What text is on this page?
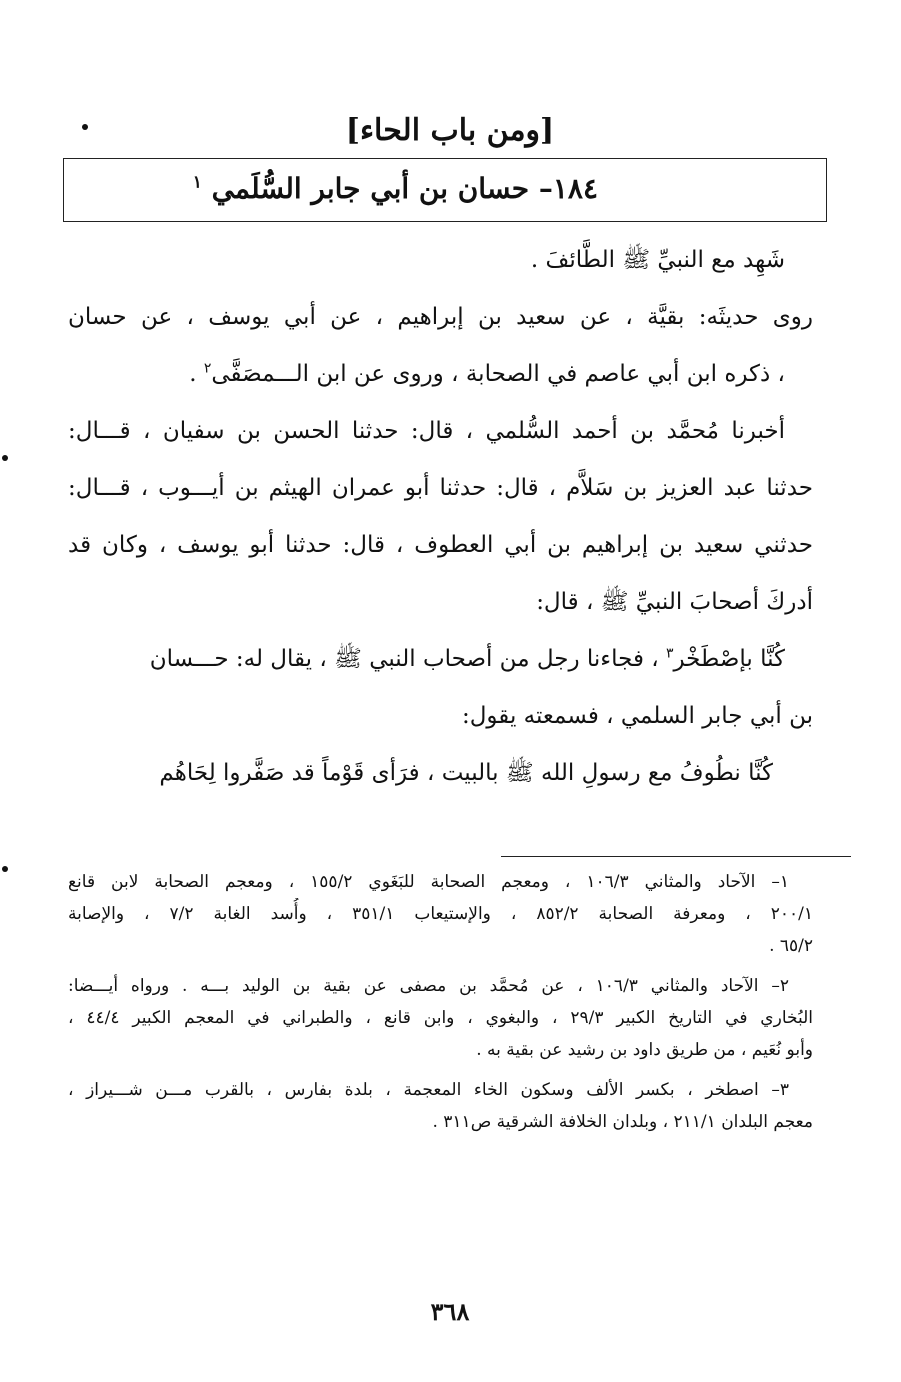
[ومن باب الحاء]
١٨٤– حسان بن أبي جابر السُّلَمي $^١$
شَهِد مع النبيِّ ﷺ الطَّائفَ .
روى حديثَه: بقيَّة ، عن سعيد بن إبراهيم ، عن أبي يوسف ، عن حسان
، ذكره ابن أبي عاصم في الصحابة ، وروى عن ابن الـــمصَفَّى$^٢$ .
أخبرنا مُحمَّد بن أحمد السُّلمي ، قال: حدثنا الحسن بن سفيان ، قـــال:
حدثنا عبد العزيز بن سَلاَّم ، قال: حدثنا أبو عمران الهيثم بن أيـــوب ، قـــال:
حدثني سعيد بن إبراهيم بن أبي العطوف ، قال: حدثنا أبو يوسف ، وكان قد
أدركَ أصحابَ النبيِّ ﷺ ، قال:
كُنَّا بإصْطَخْر$^٣$ ، فجاءنا رجل من أصحاب النبي ﷺ ، يقال له: حـــسان
بن أبي جابر السلمي ، فسمعته يقول:
كُنَّا نطُوفُ مع رسولِ الله ﷺ بالبيت ، فرَأى قَوْماً قد صَفَّروا لِحَاهُم
١– الآحاد والمثاني ١٠٦/٣ ، ومعجم الصحابة للبَغَوي ١٥٥/٢ ، ومعجم الصحابة لابن قانع
٢٠٠/١ ، ومعرفة الصحابة ٨٥٢/٢ ، والإستيعاب ٣٥١/١ ، وأُسد الغابة ٧/٢ ، والإصابة
٦٥/٢ .
٢– الآحاد والمثاني ١٠٦/٣ ، عن مُحمَّد بن مصفى عن بقية بن الوليد بـــه . ورواه أيـــضا:
البُخاري في التاريخ الكبير ٢٩/٣ ، والبغوي ، وابن قانع ، والطبراني في المعجم الكبير ٤٤/٤ ،
وأبو نُعَيم ، من طريق داود بن رشيد عن بقية به .
٣– اصطخر ، بكسر الألف وسكون الخاء المعجمة ، بلدة بفارس ، بالقرب مـــن شـــيراز ،
معجم البلدان ٢١١/١ ، وبلدان الخلافة الشرقية ص٣١١ .
٣٦٨
